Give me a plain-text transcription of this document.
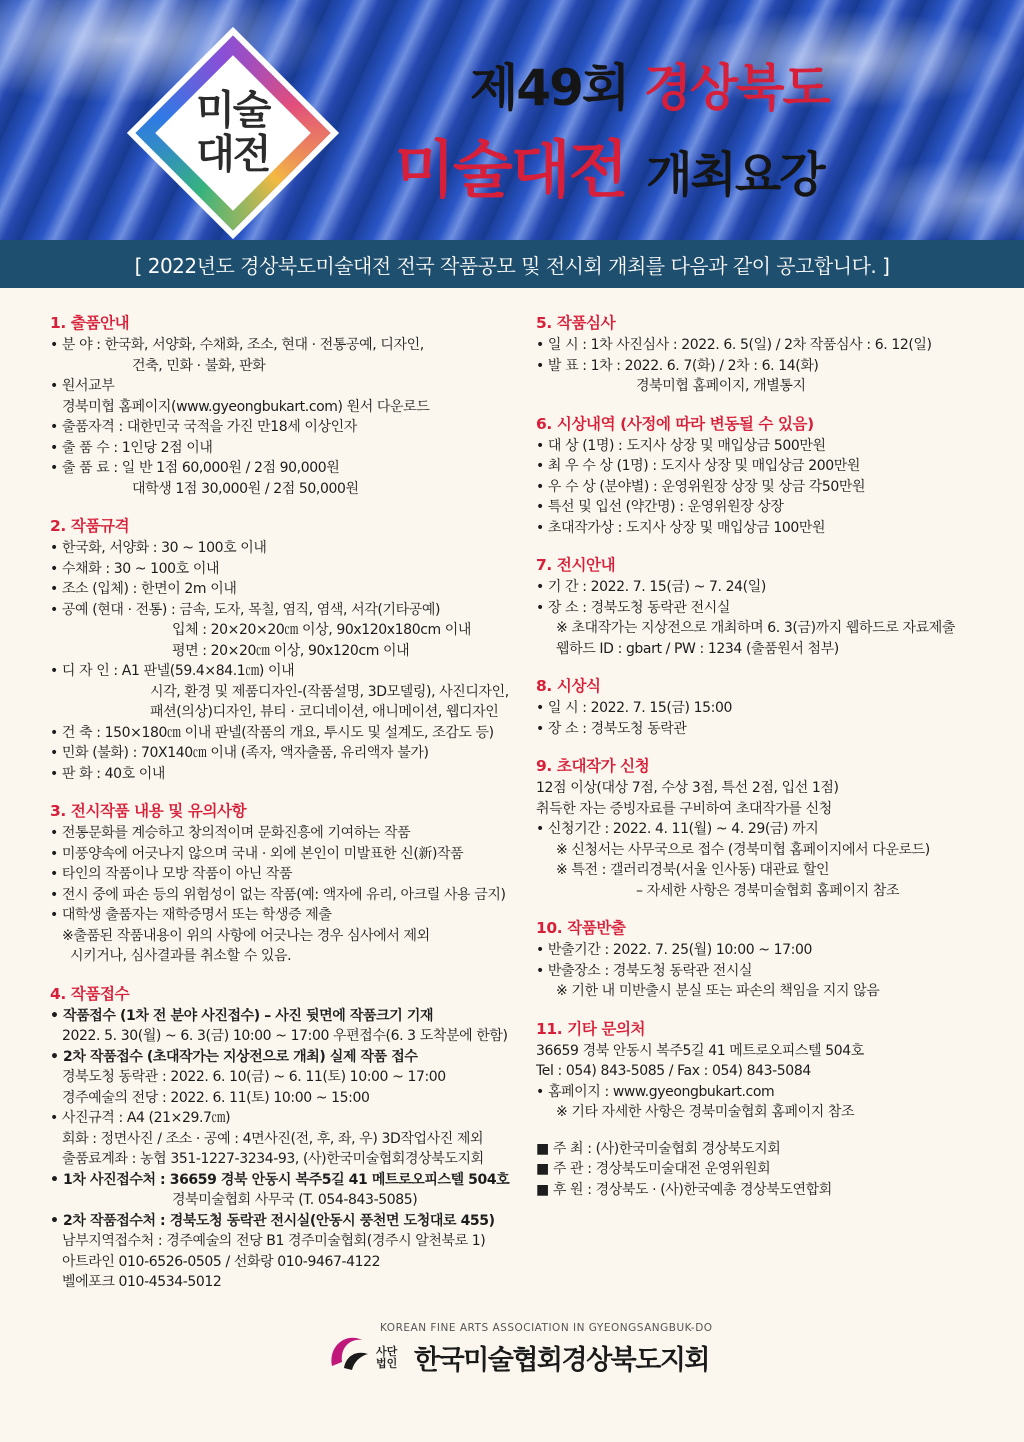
미술
대전
제49회 경상북도
미술대전 개최요강
[ 2022년도 경상북도미술대전 전국 작품공모 및 전시회 개최를 다음과 같이 공고합니다. ]
1. 출품안내
• 분 야 : 한국화, 서양화, 수채화, 조소, 현대 · 전통공예, 디자인,
건축, 민화 · 불화, 판화
• 원서교부
경북미협 홈페이지(www.gyeongbukart.com) 원서 다운로드
• 출품자격 : 대한민국 국적을 가진 만18세 이상인자
• 출 품 수 : 1인당 2점 이내
• 출 품 료 : 일 반 1점 60,000원 / 2점 90,000원
대학생 1점 30,000원 / 2점 50,000원
2. 작품규격
• 한국화, 서양화 : 30 ~ 100호 이내
• 수채화 : 30 ~ 100호 이내
• 조소 (입체) : 한면이 2m 이내
• 공예 (현대 · 전통) : 금속, 도자, 목칠, 염직, 염색, 서각(기타공예)
입체 : 20×20×20㎝ 이상, 90x120x180cm 이내
평면 : 20×20㎝ 이상, 90x120cm 이내
• 디 자 인 : A1 판넬(59.4×84.1㎝) 이내
시각, 환경 및 제품디자인-(작품설명, 3D모델링), 사진디자인,
패션(의상)디자인, 뷰티 · 코디네이션, 애니메이션, 웹디자인
• 건 축 : 150×180㎝ 이내 판넬(작품의 개요, 투시도 및 설계도, 조감도 등)
• 민화 (불화) : 70X140㎝ 이내 (족자, 액자출품, 유리액자 불가)
• 판 화 : 40호 이내
3. 전시작품 내용 및 유의사항
• 전통문화를 계승하고 창의적이며 문화진흥에 기여하는 작품
• 미풍양속에 어긋나지 않으며 국내 · 외에 본인이 미발표한 신(新)작품
• 타인의 작품이나 모방 작품이 아닌 작품
• 전시 중에 파손 등의 위험성이 없는 작품(예: 액자에 유리, 아크릴 사용 금지)
• 대학생 출품자는 재학증명서 또는 학생증 제출
※출품된 작품내용이 위의 사항에 어긋나는 경우 심사에서 제외
시키거나, 심사결과를 취소할 수 있음.
4. 작품접수
• 작품접수 (1차 전 분야 사진접수) – 사진 뒷면에 작품크기 기재
2022. 5. 30(월) ~ 6. 3(금) 10:00 ~ 17:00 우편접수(6. 3 도착분에 한함)
• 2차 작품접수 (초대작가는 지상전으로 개최) 실제 작품 접수
경북도청 동락관 : 2022. 6. 10(금) ~ 6. 11(토) 10:00 ~ 17:00
경주예술의 전당 : 2022. 6. 11(토) 10:00 ~ 15:00
• 사진규격 : A4 (21×29.7㎝)
회화 : 정면사진 / 조소 · 공예 : 4면사진(전, 후, 좌, 우) 3D작업사진 제외
출품료계좌 : 농협 351-1227-3234-93, (사)한국미술협회경상북도지회
• 1차 사진접수처 : 36659 경북 안동시 복주5길 41 메트로오피스텔 504호
경북미술협회 사무국 (T. 054-843-5085)
• 2차 작품접수처 : 경북도청 동락관 전시실(안동시 풍천면 도청대로 455)
남부지역접수처 : 경주예술의 전당 B1 경주미술협회(경주시 알천북로 1)
아트라인 010-6526-0505 / 선화랑 010-9467-4122
벨에포크 010-4534-5012
5. 작품심사
• 일 시 : 1차 사진심사 : 2022. 6. 5(일) / 2차 작품심사 : 6. 12(일)
• 발 표 : 1차 : 2022. 6. 7(화) / 2차 : 6. 14(화)
경북미협 홈페이지, 개별통지
6. 시상내역 (사정에 따라 변동될 수 있음)
• 대 상 (1명) : 도지사 상장 및 매입상금 500만원
• 최 우 수 상 (1명) : 도지사 상장 및 매입상금 200만원
• 우 수 상 (분야별) : 운영위원장 상장 및 상금 각50만원
• 특선 및 입선 (약간명) : 운영위원장 상장
• 초대작가상 : 도지사 상장 및 매입상금 100만원
7. 전시안내
• 기 간 : 2022. 7. 15(금) ~ 7. 24(일)
• 장 소 : 경북도청 동락관 전시실
※ 초대작가는 지상전으로 개최하며 6. 3(금)까지 웹하드로 자료제출
웹하드 ID : gbart / PW : 1234 (출품원서 첨부)
8. 시상식
• 일 시 : 2022. 7. 15(금) 15:00
• 장 소 : 경북도청 동락관
9. 초대작가 신청
12점 이상(대상 7점, 수상 3점, 특선 2점, 입선 1점)
취득한 자는 증빙자료를 구비하여 초대작가를 신청
• 신청기간 : 2022. 4. 11(월) ~ 4. 29(금) 까지
※ 신청서는 사무국으로 접수 (경북미협 홈페이지에서 다운로드)
※ 특전 : 갤러리경북(서울 인사동) 대관료 할인
– 자세한 사항은 경북미술협회 홈페이지 참조
10. 작품반출
• 반출기간 : 2022. 7. 25(월) 10:00 ~ 17:00
• 반출장소 : 경북도청 동락관 전시실
※ 기한 내 미반출시 분실 또는 파손의 책임을 지지 않음
11. 기타 문의처
36659 경북 안동시 복주5길 41 메트로오피스텔 504호
Tel : 054) 843-5085 / Fax : 054) 843-5084
• 홈페이지 : www.gyeongbukart.com
※ 기타 자세한 사항은 경북미술협회 홈페이지 참조
■ 주 최 : (사)한국미술협회 경상북도지회
■ 주 관 : 경상북도미술대전 운영위원회
■ 후 원 : 경상북도 · (사)한국예총 경상북도연합회
KOREAN FINE ARTS ASSOCIATION IN GYEONGSANGBUK-DO
사단
법인 한국미술협회경상북도지회
